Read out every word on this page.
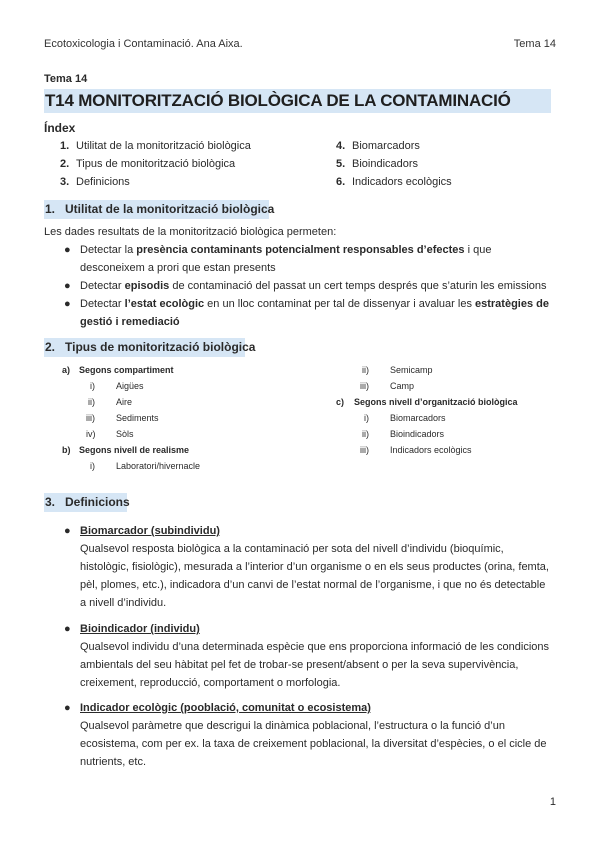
Ecotoxicologia i Contaminació. Ana Aixa.	Tema 14
Tema 14
T14 MONITORITZACIÓ BIOLÒGICA DE LA CONTAMINACIÓ
Índex
1. Utilitat de la monitorització biològica
2. Tipus de monitorització biològica
3. Definicions
4. Biomarcadors
5. Bioindicadors
6. Indicadors ecològics
1. Utilitat de la monitorització biològica
Les dades resultats de la monitorització biològica permeten:
● Detectar la presència contaminants potencialment responsables d’efectes i que desconeixem a prori que estan presents
● Detectar episodis de contaminació del passat un cert temps després que s’aturin les emissions
● Detectar l’estat ecològic en un lloc contaminat per tal de dissenyar i avaluar les estratègies de gestió i remediació
2. Tipus de monitorització biològica
a) Segons compartiment
i) Aigües
ii) Aire
iii) Sediments
iv) Sòls
b) Segons nivell de realisme
i) Laboratori/hivernacle
ii) Semicamp
iii) Camp
c) Segons nivell d’organització biològica
i) Biomarcadors
ii) Bioindicadors
iii) Indicadors ecològics
3. Definicions
● Biomarcador (subindividu)
Qualsevol resposta biològica a la contaminació per sota del nivell d’individu (bioquímic, histològic, fisiològic), mesurada a l’interior d’un organisme o en els seus productes (orina, femta, pèl, plomes, etc.), indicadora d’un canvi de l’estat normal de l’organisme, i que no és detectable a nivell d’individu.
● Bioindicador (individu)
Qualsevol individu d’una determinada espècie que ens proporciona informació de les condicions ambientals del seu hàbitat pel fet de trobar-se present/absent o per la seva supervivència, creixement, reproducció, comportament o morfologia.
● Indicador ecològic (pooblació, comunitat o ecosistema)
Qualsevol paràmetre que descrigui la dinàmica poblacional, l’estructura o la funció d’un ecosistema, com per ex. la taxa de creixement poblacional, la diversitat d’espècies, o el cicle de nutrients, etc.
1
